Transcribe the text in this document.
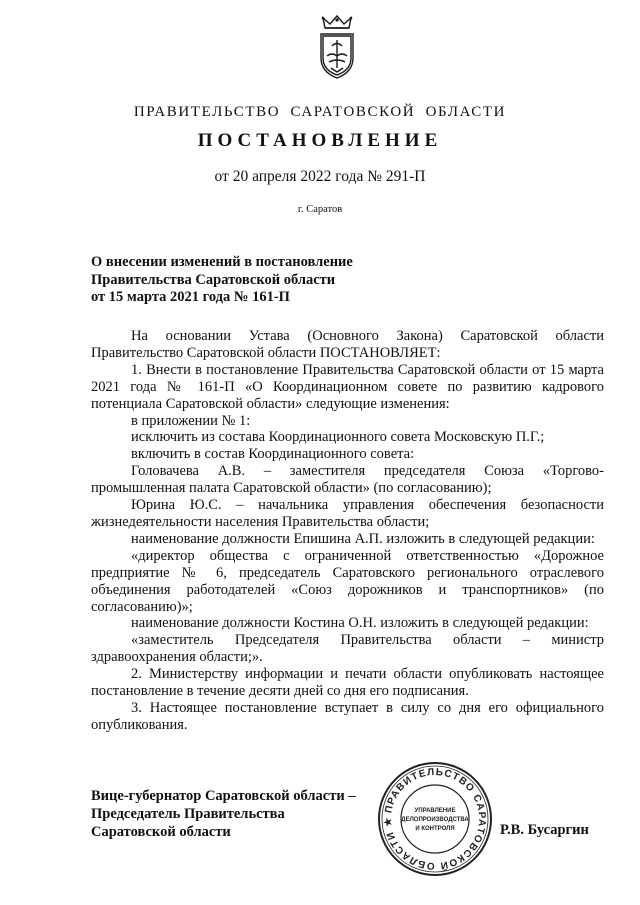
ПРАВИТЕЛЬСТВО САРАТОВСКОЙ ОБЛАСТИ
ПОСТАНОВЛЕНИЕ
от 20 апреля 2022 года № 291-П
г. Саратов
О внесении изменений в постановление
Правительства Саратовской области
от 15 марта 2021 года № 161-П

На основании Устава (Основного Закона) Саратовской области Правительство Саратовской области ПОСТАНОВЛЯЕТ:

1. Внести в постановление Правительства Саратовской области от 15 марта 2021 года № 161-П «О Координационном совете по развитию кадрового потенциала Саратовской области» следующие изменения:

в приложении № 1:

исключить из состава Координационного совета Московскую П.Г.;

включить в состав Координационного совета:

Головачева А.В. – заместителя председателя Союза «Торгово-промышленная палата Саратовской области» (по согласованию);

Юрина Ю.С. – начальника управления обеспечения безопасности жизнедеятельности населения Правительства области;

наименование должности Епишина А.П. изложить в следующей редакции:

«директор общества с ограниченной ответственностью «Дорожное предприятие № 6, председатель Саратовского регионального отраслевого объединения работодателей «Союз дорожников и транспортников» (по согласованию)»;

наименование должности Костина О.Н. изложить в следующей редакции:

«заместитель Председателя Правительства области – министр здравоохранения области;».

2. Министерству информации и печати области опубликовать настоящее постановление в течение десяти дней со дня его подписания.

3. Настоящее постановление вступает в силу со дня его официального опубликования.

Вице-губернатор Саратовской области –
Председатель Правительства
Саратовской области
ПРАВИТЕЛЬСТВО САРАТОВСКОЙ ОБЛАСТИ ★
УПРАВЛЕНИЕ
ДЕЛОПРОИЗВОДСТВА
И КОНТРОЛЯ	Р.В. Бусаргин
